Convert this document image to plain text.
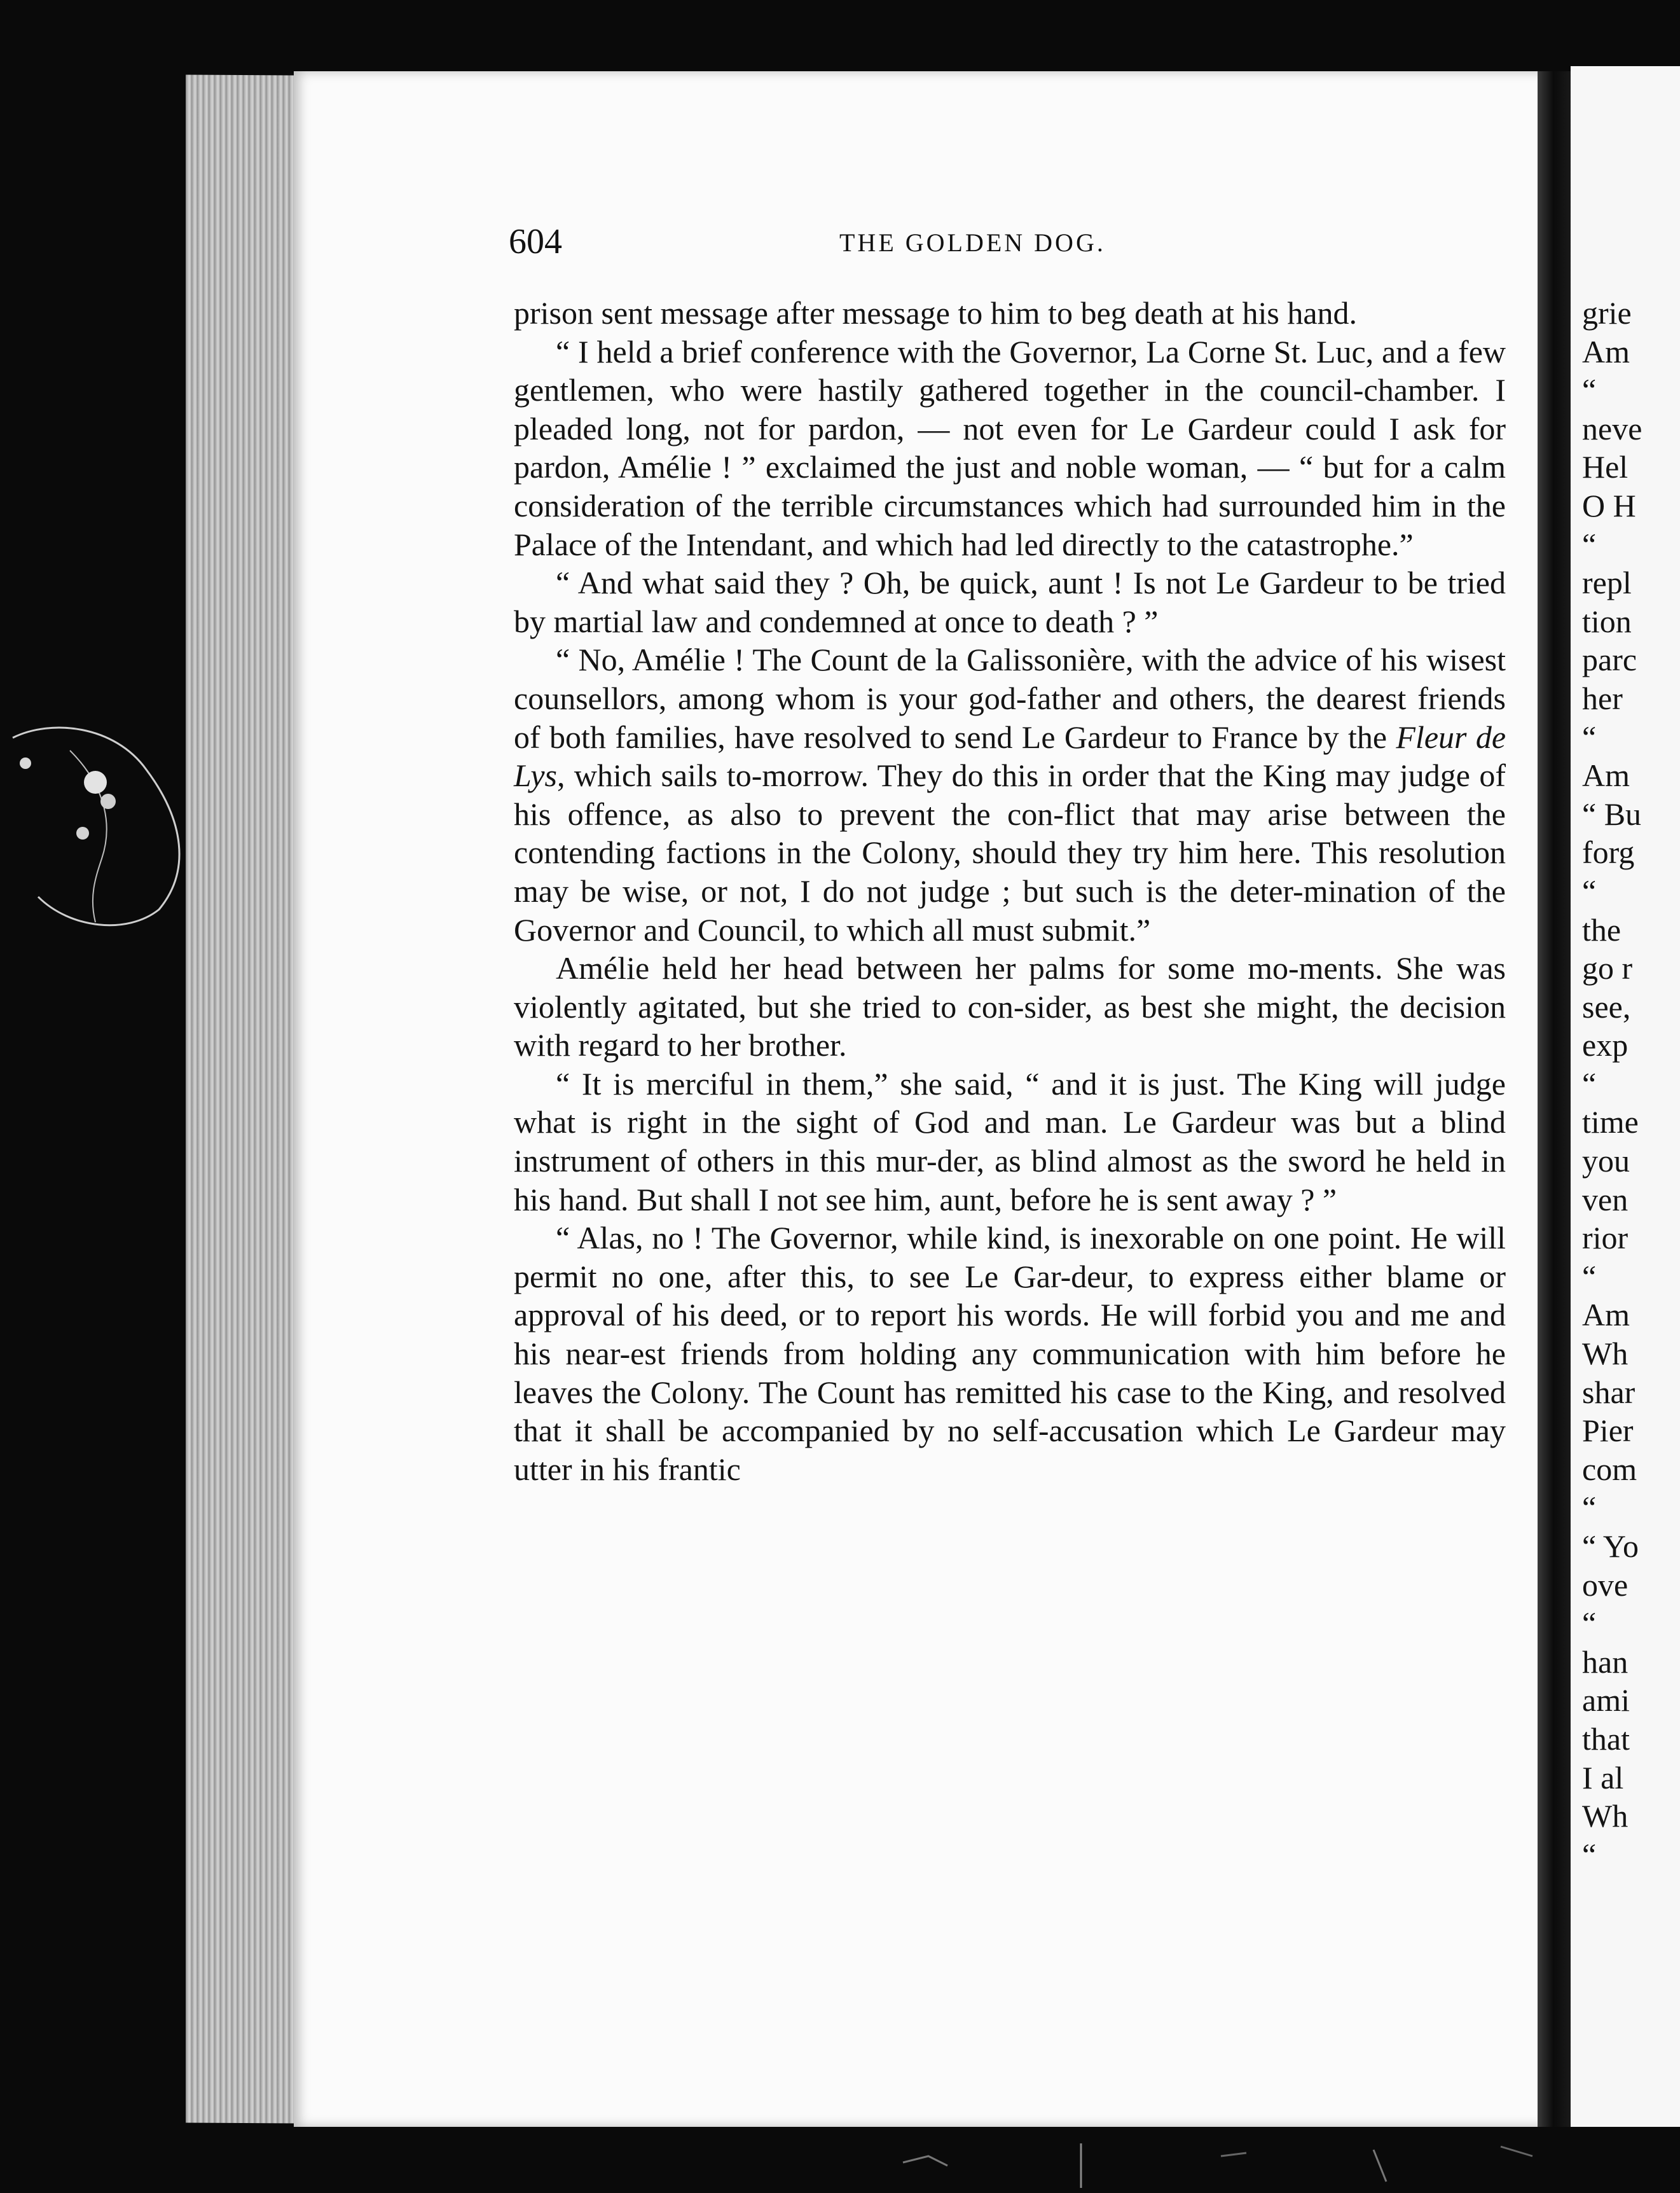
604	THE GOLDEN DOG.

prison sent message after message to him to beg death at his hand.

“ I held a brief conference with the Governor, La Corne St. Luc, and a few gentlemen, who were hastily gathered together in the council-chamber. I pleaded long, not for pardon, — not even for Le Gardeur could I ask for pardon, Amélie ! ” exclaimed the just and noble woman, — “ but for a calm consideration of the terrible circumstances which had surrounded him in the Palace of the Intendant, and which had led directly to the catastrophe.”

“ And what said they ? Oh, be quick, aunt ! Is not Le Gardeur to be tried by martial law and condemned at once to death ? ”

“ No, Amélie ! The Count de la Galissonière, with the advice of his wisest counsellors, among whom is your god-father and others, the dearest friends of both families, have resolved to send Le Gardeur to France by the Fleur de Lys, which sails to-morrow. They do this in order that the King may judge of his offence, as also to prevent the con-flict that may arise between the contending factions in the Colony, should they try him here. This resolution may be wise, or not, I do not judge ; but such is the deter-mination of the Governor and Council, to which all must submit.”

Amélie held her head between her palms for some mo-ments. She was violently agitated, but she tried to con-sider, as best she might, the decision with regard to her brother.

“ It is merciful in them,” she said, “ and it is just. The King will judge what is right in the sight of God and man. Le Gardeur was but a blind instrument of others in this mur-der, as blind almost as the sword he held in his hand. But shall I not see him, aunt, before he is sent away ? ”

“ Alas, no ! The Governor, while kind, is inexorable on one point. He will permit no one, after this, to see Le Gar-deur, to express either blame or approval of his deed, or to report his words. He will forbid you and me and his near-est friends from holding any communication with him before he leaves the Colony. The Count has remitted his case to the King, and resolved that it shall be accompanied by no self-accusation which Le Gardeur may utter in his frantic

grie
Am
“
neve
Hel
O H
“
repl
tion
parc
her
“
Am
“ Bu
forg
“
the
go r
see,
exp
“
time
you
ven
rior
“
Am
Wh
shar
Pier
com
“
“ Yo
ove
“
han
ami
that
I al
Wh
“
